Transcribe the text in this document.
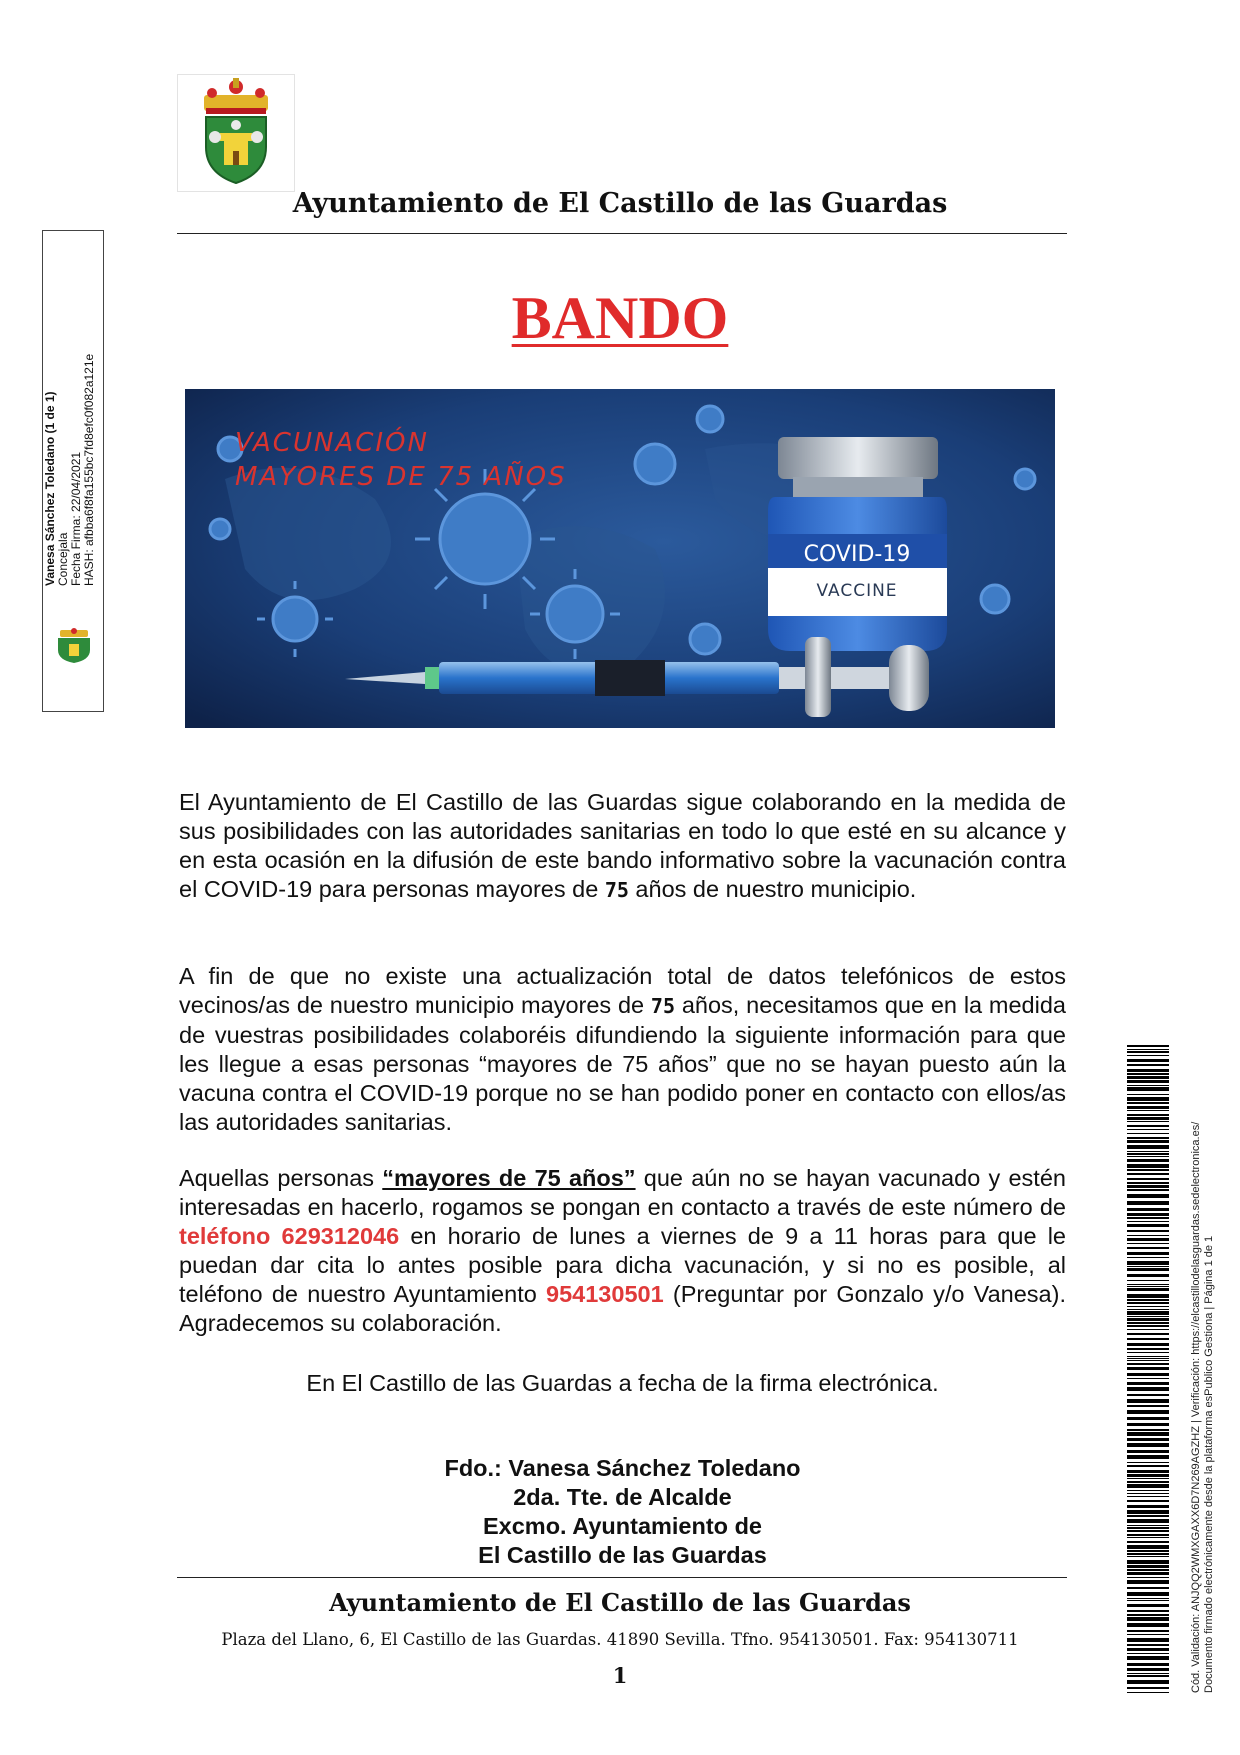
Ayuntamiento de El Castillo de las Guardas
BANDO
VACUNACIÓN
MAYORES DE 75 AÑOS
COVID-19
VACCINE
El Ayuntamiento de El Castillo de las Guardas sigue colaborando en la medida de sus posibilidades con las autoridades sanitarias en todo lo que esté en su alcance y en esta ocasión en la difusión de este bando informativo sobre la vacunación contra el COVID-19 para personas mayores de 75 años de nuestro municipio.
A fin de que no existe una actualización total de datos telefónicos de estos vecinos/as de nuestro municipio mayores de 75 años, necesitamos que en la medida de vuestras posibilidades colaboréis difundiendo la siguiente información para que les llegue a esas personas “mayores de 75 años” que no se hayan puesto aún la vacuna contra el COVID-19 porque no se han podido poner en contacto con ellos/as las autoridades sanitarias.
Aquellas personas “mayores de 75 años” que aún no se hayan vacunado y estén interesadas en hacerlo, rogamos se pongan en contacto a través de este número de teléfono 629312046 en horario de lunes a viernes de 9 a 11 horas para que le puedan dar cita lo antes posible para dicha vacunación, y si no es posible, al teléfono de nuestro Ayuntamiento 954130501 (Preguntar por Gonzalo y/o Vanesa). Agradecemos su colaboración.
En El Castillo de las Guardas a fecha de la firma electrónica.
Fdo.: Vanesa Sánchez Toledano
2da. Tte. de Alcalde
Excmo. Ayuntamiento de
El Castillo de las Guardas
Ayuntamiento de El Castillo de las Guardas
Plaza del Llano, 6, El Castillo de las Guardas. 41890 Sevilla. Tfno. 954130501. Fax: 954130711
1
Vanesa Sánchez Toledano (1 de 1) Concejala Fecha Firma: 22/04/2021 HASH: afbba6f8fa155bc7fd8efc0f082a121e
Cód. Validación: ANJQQ2WMXGAXX6D7N269AGZHZ | Verificación: https://elcastillodelasguardas.sedelectronica.es/ Documento firmado electrónicamente desde la plataforma esPublico Gestiona | Página 1 de 1
